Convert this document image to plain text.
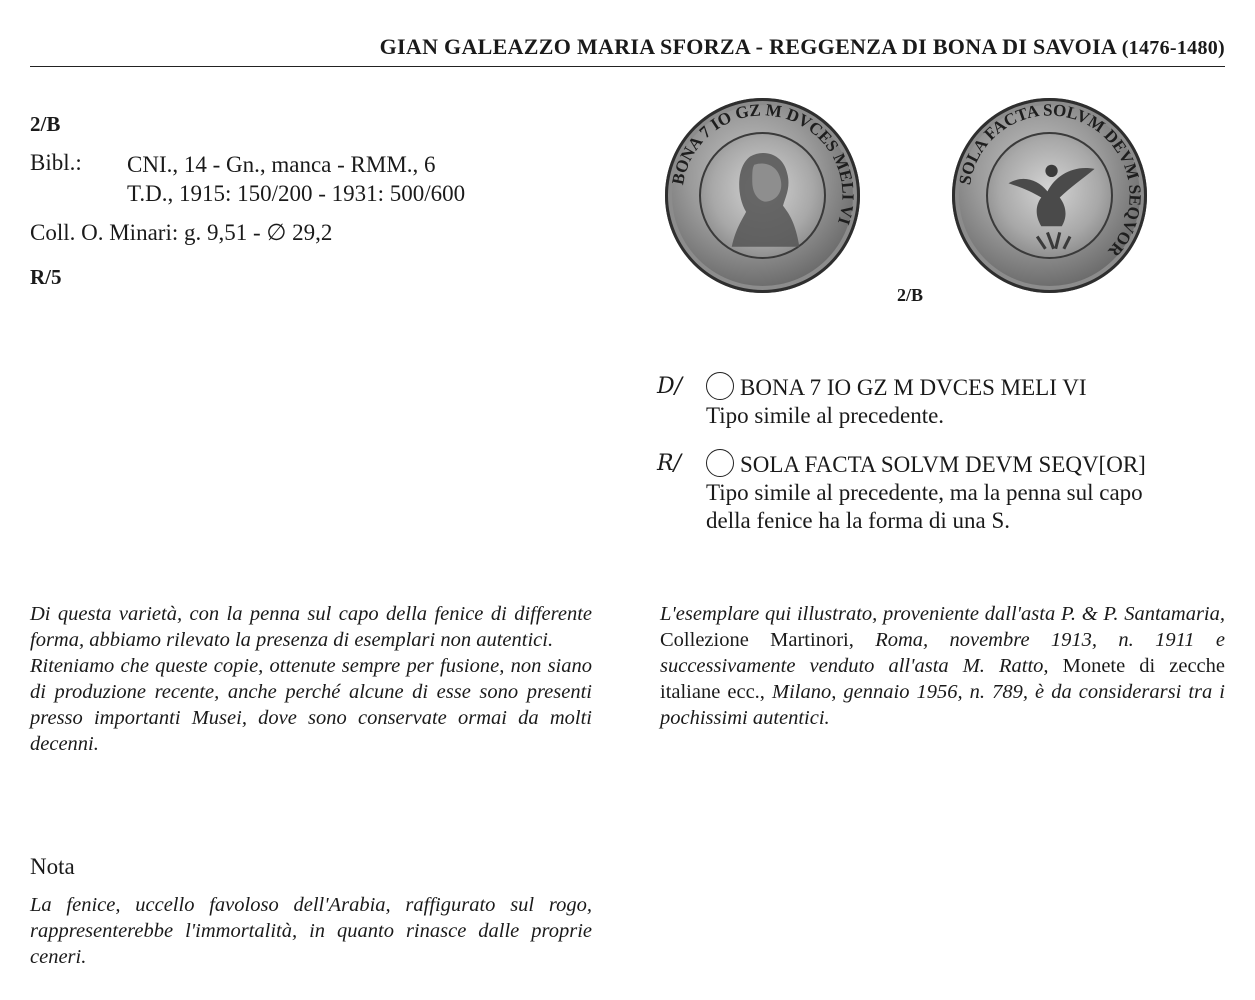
GIAN GALEAZZO MARIA SFORZA - REGGENZA DI BONA DI SAVOIA (1476-1480)
2/B
Bibl.: CNI., 14 - Gn., manca - RMM., 6
T.D., 1915: 150/200 - 1931: 500/600
Coll. O. Minari: g. 9,51 - ∅ 29,2
R/5
BONA 7 IO GZ M DVCES MELI VI
SOLA FACTA SOLVM DEVM SEQVOR
2/B
D/	BONA 7 IO GZ M DVCES MELI VI
Tipo simile al precedente.
R/	SOLA FACTA SOLVM DEVM SEQV[OR]
Tipo simile al precedente, ma la penna sul capo
della fenice ha la forma di una S.
Di questa varietà, con la penna sul capo della fenice di differente forma, abbiamo rilevato la presenza di esemplari non autentici.
Riteniamo che queste copie, ottenute sempre per fusione, non siano di produzione recente, anche perché alcune di esse sono presenti presso importanti Musei, dove sono conservate ormai da molti decenni.
L'esemplare qui illustrato, proveniente dall'asta P. & P. Santamaria, Collezione Martinori, Roma, novembre 1913, n. 1911 e successivamente venduto all'asta M. Ratto, Monete di zecche italiane ecc., Milano, gennaio 1956, n. 789, è da considerarsi tra i pochissimi autentici.
Nota
La fenice, uccello favoloso dell'Arabia, raffigurato sul rogo, rappresenterebbe l'immortalità, in quanto rinasce dalle proprie ceneri.
